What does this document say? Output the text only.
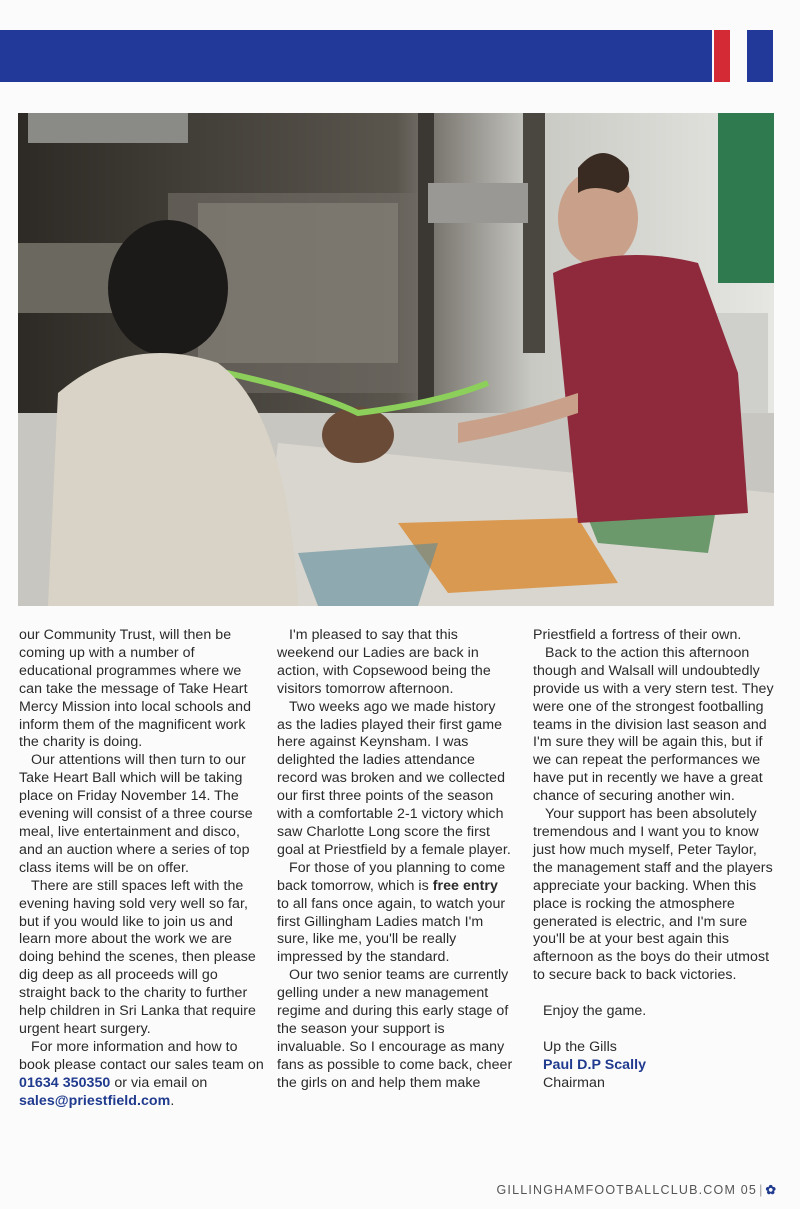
our Community Trust, will then be coming up with a number of educational programmes where we can take the message of Take Heart Mercy Mission into local schools and inform them of the magnificent work the charity is doing.

Our attentions will then turn to our Take Heart Ball which will be taking place on Friday November 14. The evening will consist of a three course meal, live entertainment and disco, and an auction where a series of top class items will be on offer.

There are still spaces left with the evening having sold very well so far, but if you would like to join us and learn more about the work we are doing behind the scenes, then please dig deep as all proceeds will go straight back to the charity to further help children in Sri Lanka that require urgent heart surgery.

For more information and how to book please contact our sales team on 01634 350350 or via email on sales@priestfield.com.

I'm pleased to say that this weekend our Ladies are back in action, with Copsewood being the visitors tomorrow afternoon.

Two weeks ago we made history as the ladies played their first game here against Keynsham. I was delighted the ladies attendance record was broken and we collected our first three points of the season with a comfortable 2-1 victory which saw Charlotte Long score the first goal at Priestfield by a female player.

For those of you planning to come back tomorrow, which is free entry to all fans once again, to watch your first Gillingham Ladies match I'm sure, like me, you'll be really impressed by the standard.

Our two senior teams are currently gelling under a new management regime and during this early stage of the season your support is invaluable. So I encourage as many fans as possible to come back, cheer the girls on and help them make

Priestfield a fortress of their own.

Back to the action this afternoon though and Walsall will undoubtedly provide us with a very stern test. They were one of the strongest footballing teams in the division last season and I'm sure they will be again this, but if we can repeat the performances we have put in recently we have a great chance of securing another win.

Your support has been absolutely tremendous and I want you to know just how much myself, Peter Taylor, the management staff and the players appreciate your backing. When this place is rocking the atmosphere generated is electric, and I'm sure you'll be at your best again this afternoon as the boys do their utmost to secure back to back victories.

Enjoy the game.

Up the Gills

Paul D.P Scally

Chairman

GILLINGHAMFOOTBALLCLUB.COM 05 | ✿
